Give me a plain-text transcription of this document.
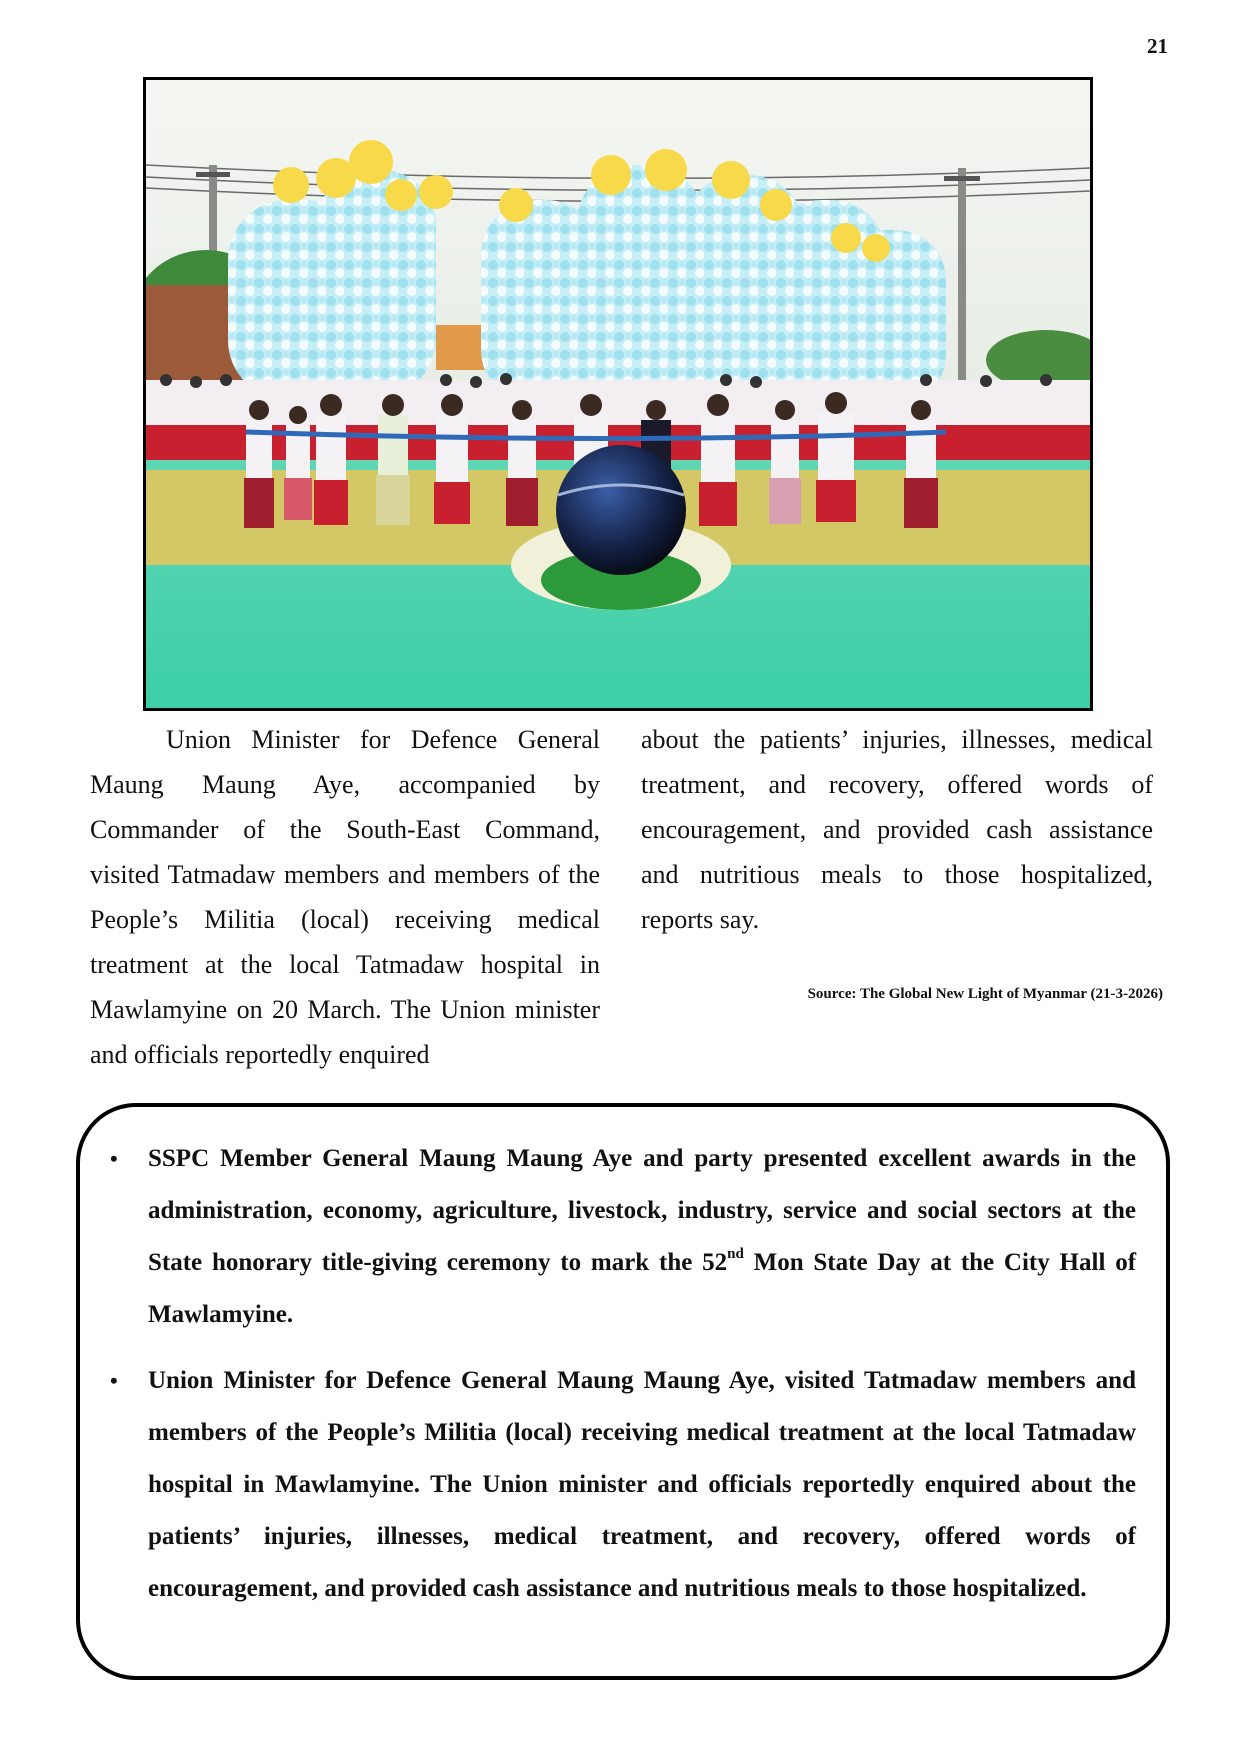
21

Union Minister for Defence General Maung Maung Aye, accompanied by Commander of the South-East Command, visited Tatmadaw members and members of the People’s Militia (local) receiving medical treatment at the local Tatmadaw hospital in Mawlamyine on 20 March. The Union minister and officials reportedly enquired

about the patients’ injuries, illnesses, medical treatment, and recovery, offered words of encouragement, and provided cash assistance and nutritious meals to those hospitalized, reports say.

Source: The Global New Light of Myanmar (21-3-2026)
• SSPC Member General Maung Maung Aye and party presented excellent awards in the administration, economy, agriculture, livestock, industry, service and social sectors at the State honorary title-giving ceremony to mark the 52nd Mon State Day at the City Hall of Mawlamyine.
• Union Minister for Defence General Maung Maung Aye, visited Tatmadaw members and members of the People’s Militia (local) receiving medical treatment at the local Tatmadaw hospital in Mawlamyine. The Union minister and officials reportedly enquired about the patients’ injuries, illnesses, medical treatment, and recovery, offered words of encouragement, and provided cash assistance and nutritious meals to those hospitalized.
